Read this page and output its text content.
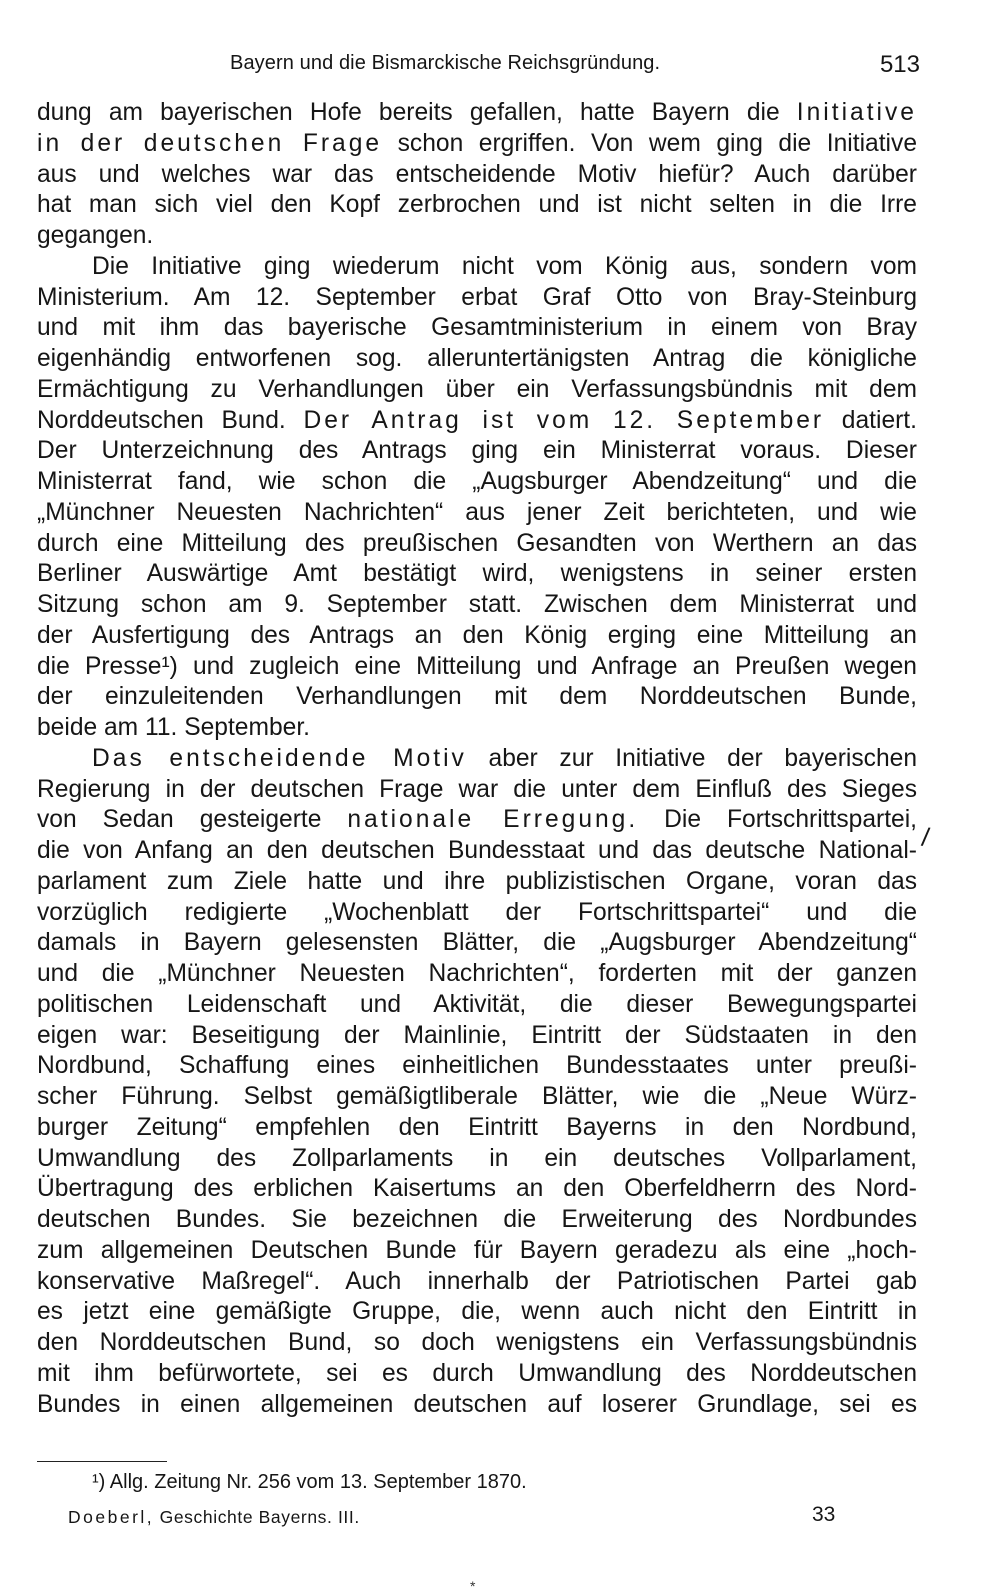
Bayern und die Bismarckische Reichsgründung.	513
dung am bayerischen Hofe bereits gefallen, hatte Bayern die Initiative
in der deutschen Frage schon ergriffen. Von wem ging die Initiative
aus und welches war das entscheidende Motiv hiefür? Auch darüber
hat man sich viel den Kopf zerbrochen und ist nicht selten in die Irre
gegangen.
Die Initiative ging wiederum nicht vom König aus, sondern vom
Ministerium. Am 12. September erbat Graf Otto von Bray-Steinburg
und mit ihm das bayerische Gesamtministerium in einem von Bray
eigenhändig entworfenen sog. alleruntertänigsten Antrag die königliche
Ermächtigung zu Verhandlungen über ein Verfassungsbündnis mit dem
Norddeutschen Bund. Der Antrag ist vom 12. September datiert.
Der Unterzeichnung des Antrags ging ein Ministerrat voraus. Dieser
Ministerrat fand, wie schon die „Augsburger Abendzeitung“ und die
„Münchner Neuesten Nachrichten“ aus jener Zeit berichteten, und wie
durch eine Mitteilung des preußischen Gesandten von Werthern an das
Berliner Auswärtige Amt bestätigt wird, wenigstens in seiner ersten
Sitzung schon am 9. September statt. Zwischen dem Ministerrat und
der Ausfertigung des Antrags an den König erging eine Mitteilung an
die Presse¹) und zugleich eine Mitteilung und Anfrage an Preußen wegen
der einzuleitenden Verhandlungen mit dem Norddeutschen Bunde,
beide am 11. September.
Das entscheidende Motiv aber zur Initiative der bayerischen
Regierung in der deutschen Frage war die unter dem Einfluß des Sieges
von Sedan gesteigerte nationale Erregung. Die Fortschrittspartei,
die von Anfang an den deutschen Bundesstaat und das deutsche National-
parlament zum Ziele hatte und ihre publizistischen Organe, voran das
vorzüglich redigierte „Wochenblatt der Fortschrittspartei“ und die
damals in Bayern gelesensten Blätter, die „Augsburger Abendzeitung“
und die „Münchner Neuesten Nachrichten“, forderten mit der ganzen
politischen Leidenschaft und Aktivität, die dieser Bewegungspartei
eigen war: Beseitigung der Mainlinie, Eintritt der Südstaaten in den
Nordbund, Schaffung eines einheitlichen Bundesstaates unter preußi-
scher Führung. Selbst gemäßigtliberale Blätter, wie die „Neue Würz-
burger Zeitung“ empfehlen den Eintritt Bayerns in den Nordbund,
Umwandlung des Zollparlaments in ein deutsches Vollparlament,
Übertragung des erblichen Kaisertums an den Oberfeldherrn des Nord-
deutschen Bundes. Sie bezeichnen die Erweiterung des Nordbundes
zum allgemeinen Deutschen Bunde für Bayern geradezu als eine „hoch-
konservative Maßregel“. Auch innerhalb der Patriotischen Partei gab
es jetzt eine gemäßigte Gruppe, die, wenn auch nicht den Eintritt in
den Norddeutschen Bund, so doch wenigstens ein Verfassungsbündnis
mit ihm befürwortete, sei es durch Umwandlung des Norddeutschen
Bundes in einen allgemeinen deutschen auf loserer Grundlage, sei es
/
¹) Allg. Zeitung Nr. 256 vom 13. September 1870.
Doeberl, Geschichte Bayerns. III.	33
*
